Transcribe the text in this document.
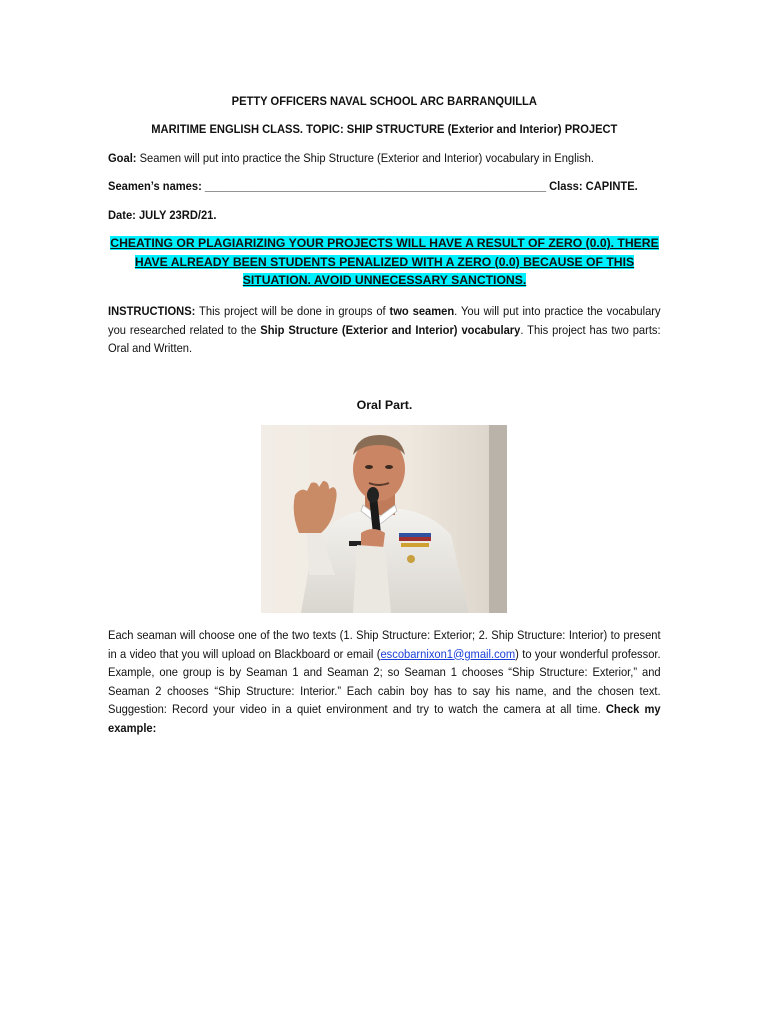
PETTY OFFICERS NAVAL SCHOOL ARC BARRANQUILLA
MARITIME ENGLISH CLASS. TOPIC: SHIP STRUCTURE (Exterior and Interior) PROJECT
Goal: Seamen will put into practice the Ship Structure (Exterior and Interior) vocabulary in English.
Seamen’s names: _______________________________________________________ Class: CAPINTE.
Date: JULY 23RD/21.
CHEATING OR PLAGIARIZING YOUR PROJECTS WILL HAVE A RESULT OF ZERO (0.0). THERE HAVE ALREADY BEEN STUDENTS PENALIZED WITH A ZERO (0.0) BECAUSE OF THIS SITUATION. AVOID UNNECESSARY SANCTIONS.
INSTRUCTIONS: This project will be done in groups of two seamen. You will put into practice the vocabulary you researched related to the Ship Structure (Exterior and Interior) vocabulary. This project has two parts: Oral and Written.
Oral Part.
Each seaman will choose one of the two texts (1. Ship Structure: Exterior; 2. Ship Structure: Interior) to present in a video that you will upload on Blackboard or email (escobarnixon1@gmail.com) to your wonderful professor. Example, one group is by Seaman 1 and Seaman 2; so Seaman 1 chooses “Ship Structure: Exterior,” and Seaman 2 chooses “Ship Structure: Interior.” Each cabin boy has to say his name, and the chosen text. Suggestion: Record your video in a quiet environment and try to watch the camera at all time. Check my example:
